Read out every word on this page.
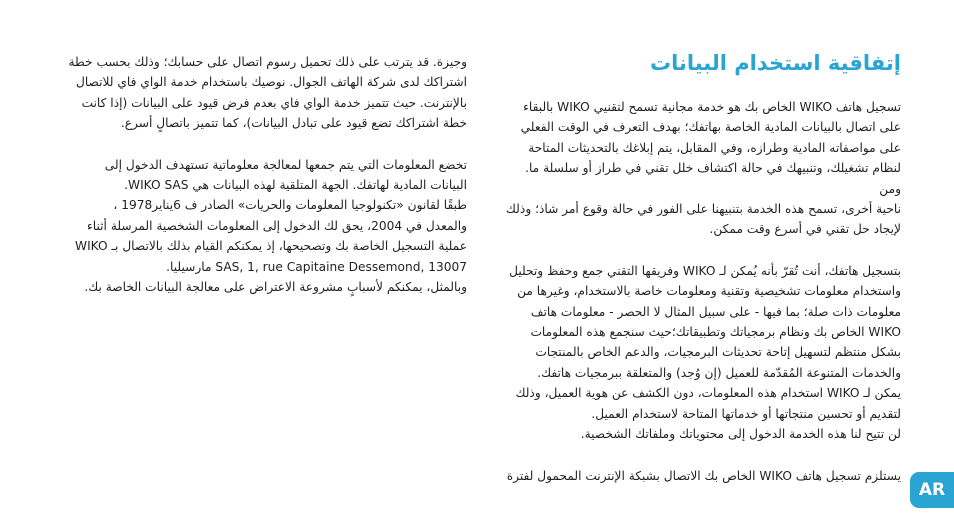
إتفاقية استخدام البيانات

تسجيل هاتف WIKO الخاص بك هو خدمة مجانية تسمح لتقنيي WIKO بالبقاء

على اتصال بالبيانات المادية الخاصة بهاتفك؛ بهدف التعرف في الوقت الفعلي

على مواصفاته المادية وطرازه، وفي المقابل، يتم إبلاغك بالتحديثات المتاحة

لنظام تشغيلك، وتنبيهك في حالة اكتشاف خلل تقني في طراز أو سلسلة ما. ومن

ناحية أخرى، تسمح هذه الخدمة بتنبيهنا على الفور في حالة وقوع أمر شاذ؛ وذلك

لإيجاد حل تقني في أسرع وقت ممكن.

بتسجيل هاتفك، أنت تُقرّ بأنه يُمكن لـ WIKO وفريقها التقني جمع وحفظ وتحليل

واستخدام معلومات تشخيصية وتقنية ومعلومات خاصة بالاستخدام، وغيرها من

معلومات ذات صلة؛ بما فيها - على سبيل المثال لا الحصر - معلومات هاتف

WIKO الخاص بك ونظام برمجياتك وتطبيقاتك؛حيث سنجمع هذه المعلومات

بشكل منتظم لتسهيل إتاحة تحديثات البرمجيات، والدعم الخاص بالمنتجات

والخدمات المتنوعة المُقدّمة للعميل (إن وُجد) والمتعلقة ببرمجيات هاتفك.

يمكن لـ WIKO استخدام هذه المعلومات، دون الكشف عن هوية العميل، وذلك

لتقديم أو تحسين منتجاتها أو خدماتها المتاحة لاستخدام العميل.

لن تتيح لنا هذه الخدمة الدخول إلى محتوياتك وملفاتك الشخصية.

يستلزم تسجيل هاتف WIKO الخاص بك الاتصال بشبكة الإنترنت المحمول لفترة

وجيزة. قد يترتب على ذلك تحميل رسوم اتصال على حسابك؛ وذلك بحسب خطة

اشتراكك لدى شركة الهاتف الجوال. نوصيك باستخدام خدمة الواي فاي للاتصال

بالإنترنت. حيث تتميز خدمة الواي فاي بعدم فرض قيود على البيانات (إذا كانت

خطة اشتراكك تضع قيود على تبادل البيانات)، كما تتميز باتصالٍ أسرع.

تخضع المعلومات التي يتم جمعها لمعالجة معلوماتية تستهدف الدخول إلى

البيانات المادية لهاتفك. الجهة المتلقية لهذه البيانات هي WIKO SAS.

طبقًا لقانون «تكنولوجيا المعلومات والحريات» الصادر ف 6يناير1978 ،

والمعدل في 2004، يحق لك الدخول إلى المعلومات الشخصية المرسلة أثناء

عملية التسجيل الخاصة بك وتصحيحها، إذ يمكنكم القيام بذلك بالاتصال بـ WIKO

SAS, 1, rue Capitaine Dessemond, 13007 مارسيليا.

وبالمثل، يمكنكم لأسبابٍ مشروعة الاعتراض على معالجة البيانات الخاصة بك.

AR
